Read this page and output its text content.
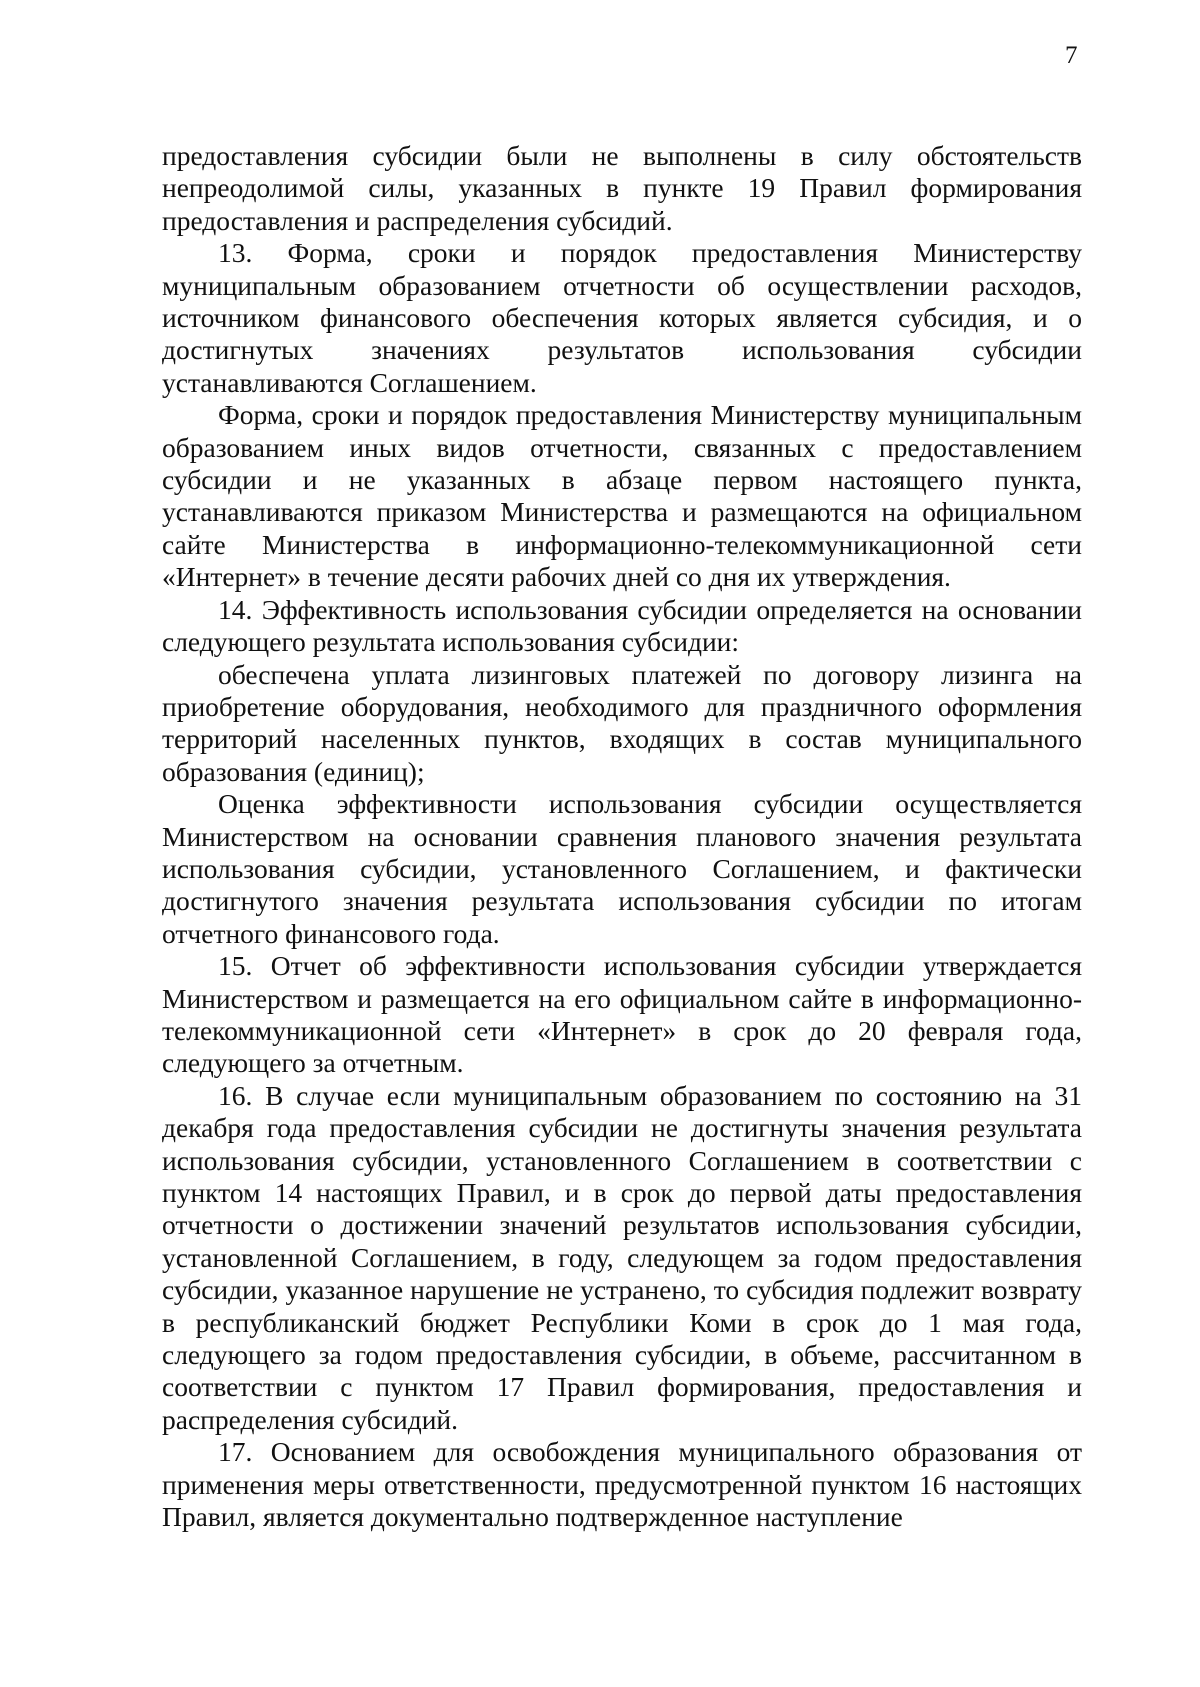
7

предоставления субсидии были не выполнены в силу обстоятельств непреодолимой силы, указанных в пункте 19 Правил формирования предоставления и распределения субсидий.

13. Форма, сроки и порядок предоставления Министерству муниципальным образованием отчетности об осуществлении расходов, источником финансового обеспечения которых является субсидия, и о достигнутых значениях результатов использования субсидии устанавливаются Соглашением.

Форма, сроки и порядок предоставления Министерству муниципальным образованием иных видов отчетности, связанных с предоставлением субсидии и не указанных в абзаце первом настоящего пункта, устанавливаются приказом Министерства и размещаются на официальном сайте Министерства в информационно-телекоммуникационной сети «Интернет» в течение десяти рабочих дней со дня их утверждения.

14. Эффективность использования субсидии определяется на основании следующего результата использования субсидии:

обеспечена уплата лизинговых платежей по договору лизинга на приобретение оборудования, необходимого для праздничного оформления территорий населенных пунктов, входящих в состав муниципального образования (единиц);

Оценка эффективности использования субсидии осуществляется Министерством на основании сравнения планового значения результата использования субсидии, установленного Соглашением, и фактически достигнутого значения результата использования субсидии по итогам отчетного финансового года.

15. Отчет об эффективности использования субсидии утверждается Министерством и размещается на его официальном сайте в информационно-телекоммуникационной сети «Интернет» в срок до 20 февраля года, следующего за отчетным.

16. В случае если муниципальным образованием по состоянию на 31 декабря года предоставления субсидии не достигнуты значения результата использования субсидии, установленного Соглашением в соответствии с пунктом 14 настоящих Правил, и в срок до первой даты предоставления отчетности о достижении значений результатов использования субсидии, установленной Соглашением, в году, следующем за годом предоставления субсидии, указанное нарушение не устранено, то субсидия подлежит возврату в республиканский бюджет Республики Коми в срок до 1 мая года, следующего за годом предоставления субсидии, в объеме, рассчитанном в соответствии с пунктом 17 Правил формирования, предоставления и распределения субсидий.

17. Основанием для освобождения муниципального образования от применения меры ответственности, предусмотренной пунктом 16 настоящих Правил, является документально подтвержденное наступление
